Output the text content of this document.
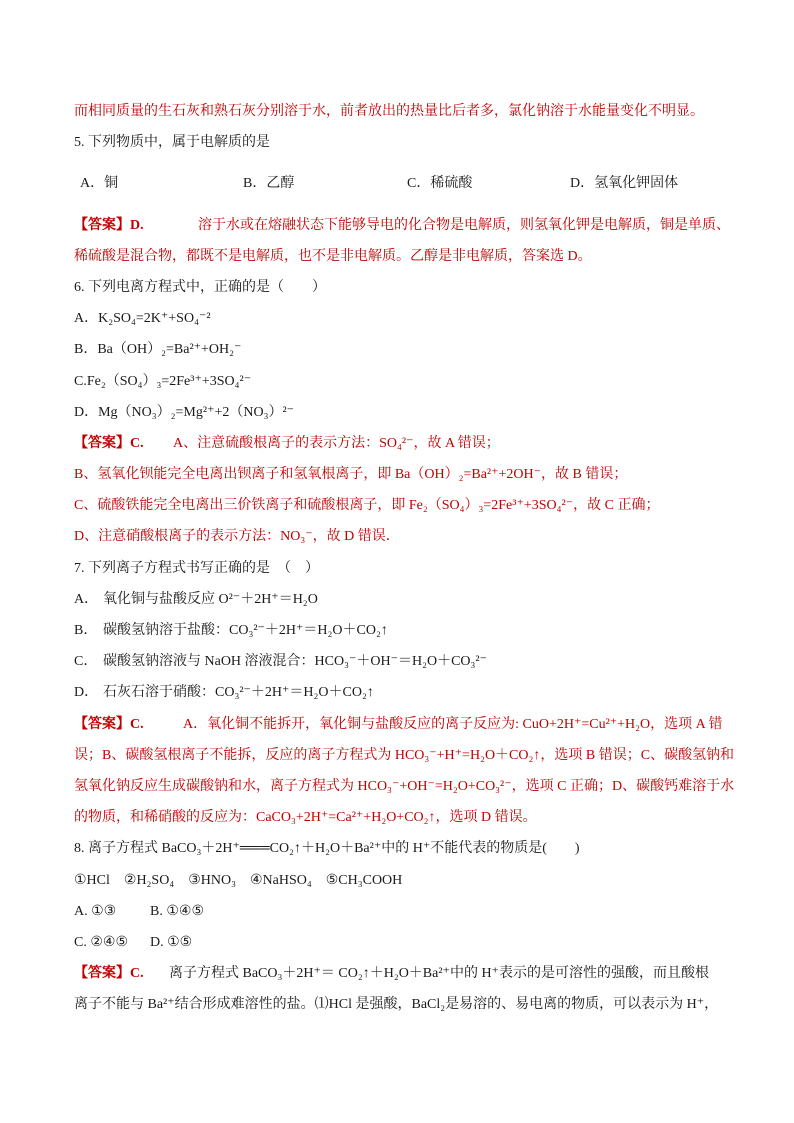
而相同质量的生石灰和熟石灰分别溶于水，前者放出的热量比后者多，氯化钠溶于水能量变化不明显。
5. 下列物质中，属于电解质的是
A．铜	B．乙醇	C．稀硫酸	D．氢氧化钾固体
【答案】D.	溶于水或在熔融状态下能够导电的化合物是电解质，则氢氧化钾是电解质，铜是单质、
稀硫酸是混合物，都既不是电解质，也不是非电解质。乙醇是非电解质，答案选 D。
6. 下列电离方程式中，正确的是（　　）
A．K₂SO₄=2K⁺+SO₄⁻²
B．Ba（OH）₂=Ba²⁺+OH₂⁻
C.Fe₂（SO₄）₃=2Fe³⁺+3SO₄²⁻
D．Mg（NO₃）₂=Mg²⁺+2（NO₃）²⁻
【答案】C. A、注意硫酸根离子的表示方法：SO₄²⁻，故 A 错误；
B、氢氧化钡能完全电离出钡离子和氢氧根离子，即 Ba（OH）₂=Ba²⁺+2OH⁻，故 B 错误；
C、硫酸铁能完全电离出三价铁离子和硫酸根离子，即 Fe₂（SO₄）₃=2Fe³⁺+3SO₄²⁻，故 C 正确；
D、注意硝酸根离子的表示方法：NO₃⁻，故 D 错误．
7. 下列离子方程式书写正确的是　（　）
A． 氧化铜与盐酸反应 O²⁻＋2H⁺＝H₂O
B． 碳酸氢钠溶于盐酸：CO₃²⁻＋2H⁺＝H₂O＋CO₂↑
C． 碳酸氢钠溶液与 NaOH 溶液混合：HCO₃⁻＋OH⁻＝H₂O＋CO₃²⁻
D． 石灰石溶于硝酸：CO₃²⁻＋2H⁺＝H₂O＋CO₂↑
【答案】C.	A．氧化铜不能拆开，氧化铜与盐酸反应的离子反应为: CuO+2H⁺=Cu²⁺+H₂O，选项 A 错
误；B、碳酸氢根离子不能拆，反应的离子方程式为 HCO₃⁻+H⁺=H₂O＋CO₂↑，选项 B 错误；C、碳酸氢钠和
氢氧化钠反应生成碳酸钠和水，离子方程式为 HCO₃⁻+OH⁻=H₂O+CO₃²⁻，选项 C 正确；D、碳酸钙难溶于水
的物质，和稀硝酸的反应为：CaCO₃+2H⁺=Ca²⁺+H₂O+CO₂↑，选项 D 错误。
8. 离子方程式 BaCO₃＋2H⁺═══CO₂↑＋H₂O＋Ba²⁺中的 H⁺不能代表的物质是(　　)
①HCl　②H₂SO₄　③HNO₃　④NaHSO₄　⑤CH₃COOH
A. ①③ B. ①④⑤
C. ②④⑤ D. ①⑤
【答案】C. 离子方程式 BaCO₃＋2H⁺＝ CO₂↑＋H₂O＋Ba²⁺中的 H⁺表示的是可溶性的强酸，而且酸根
离子不能与 Ba²⁺结合形成难溶性的盐。⑴HCl 是强酸，BaCl₂是易溶的、易电离的物质，可以表示为 H⁺，
